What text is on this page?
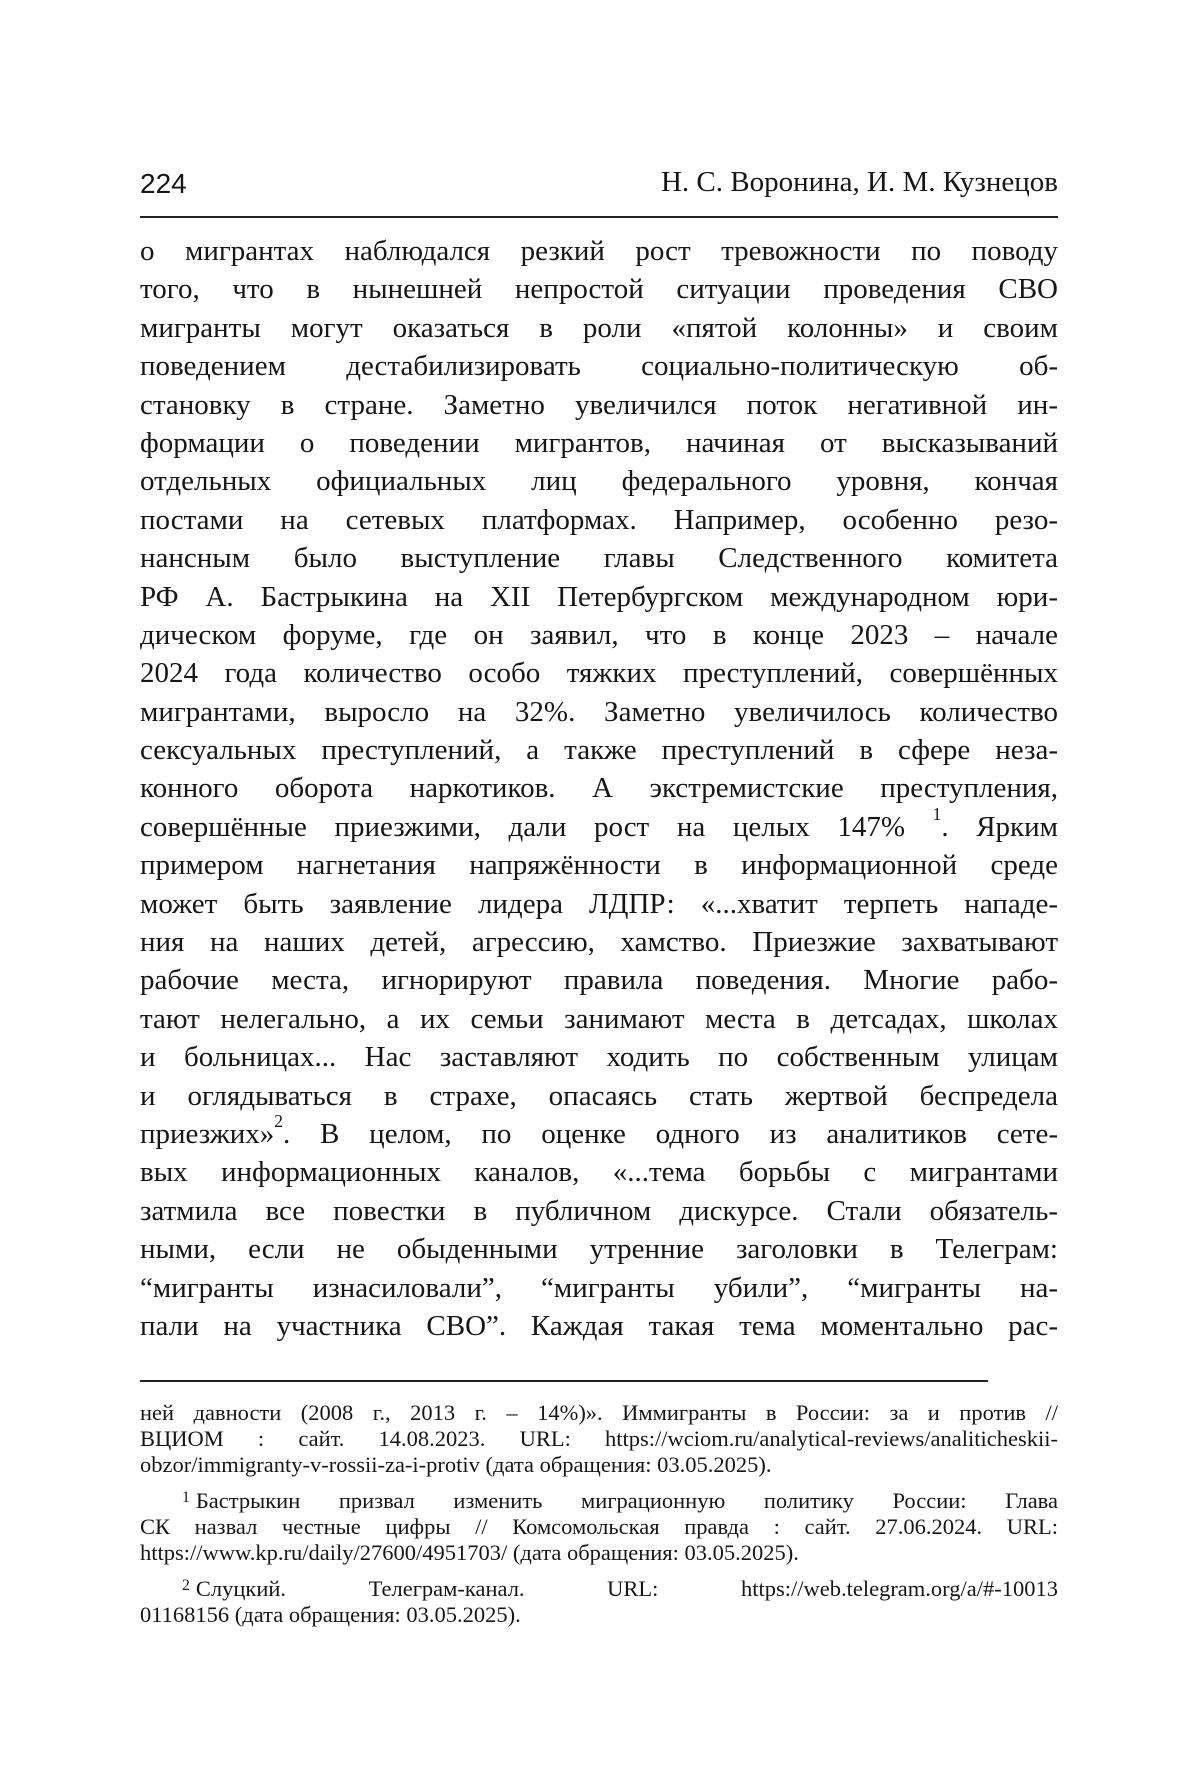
224	Н. С. Воронина, И. М. Кузнецов
о мигрантах наблюдался резкий рост тревожности по поводу
того, что в нынешней непростой ситуации проведения СВО
мигранты могут оказаться в роли «пятой колонны» и своим
поведением дестабилизировать социально-политическую об-
становку в стране. Заметно увеличился поток негативной ин-
формации о поведении мигрантов, начиная от высказываний
отдельных официальных лиц федерального уровня, кончая
постами на сетевых платформах. Например, особенно резо-
нансным было выступление главы Следственного комитета
РФ А. Бастрыкина на XII Петербургском международном юри-
дическом форуме, где он заявил, что в конце 2023 – начале
2024 года количество особо тяжких преступлений, совершённых
мигрантами, выросло на 32%. Заметно увеличилось количество
сексуальных преступлений, а также преступлений в сфере неза-
конного оборота наркотиков. А экстремистские преступления,
совершённые приезжими, дали рост на целых 147% $^1$. Ярким
примером нагнетания напряжённости в информационной среде
может быть заявление лидера ЛДПР: «...хватит терпеть нападе-
ния на наших детей, агрессию, хамство. Приезжие захватывают
рабочие места, игнорируют правила поведения. Многие рабо-
тают нелегально, а их семьи занимают места в детсадах, школах
и больницах... Нас заставляют ходить по собственным улицам
и оглядываться в страхе, опасаясь стать жертвой беспредела
приезжих»$^2$. В целом, по оценке одного из аналитиков сете-
вых информационных каналов, «...тема борьбы с мигрантами
затмила все повестки в публичном дискурсе. Стали обязатель-
ными, если не обыденными утренние заголовки в Телеграм:
“мигранты изнасиловали”, “мигранты убили”, “мигранты на-
пали на участника СВО”. Каждая такая тема моментально рас-
ней давности (2008 г., 2013 г. – 14%)». Иммигранты в России: за и против //
ВЦИОМ : сайт. 14.08.2023. URL: https://wciom.ru/analytical-reviews/analiticheskii-
obzor/immigranty-v-rossii-za-i-protiv (дата обращения: 03.05.2025).
$^1$ Бастрыкин призвал изменить миграционную политику России: Глава
СК назвал честные цифры // Комсомольская правда : сайт. 27.06.2024. URL:
https://www.kp.ru/daily/27600/4951703/ (дата обращения: 03.05.2025).
$^2$ Слуцкий. Телеграм-канал. URL: https://web.telegram.org/a/#-10013
01168156 (дата обращения: 03.05.2025).
